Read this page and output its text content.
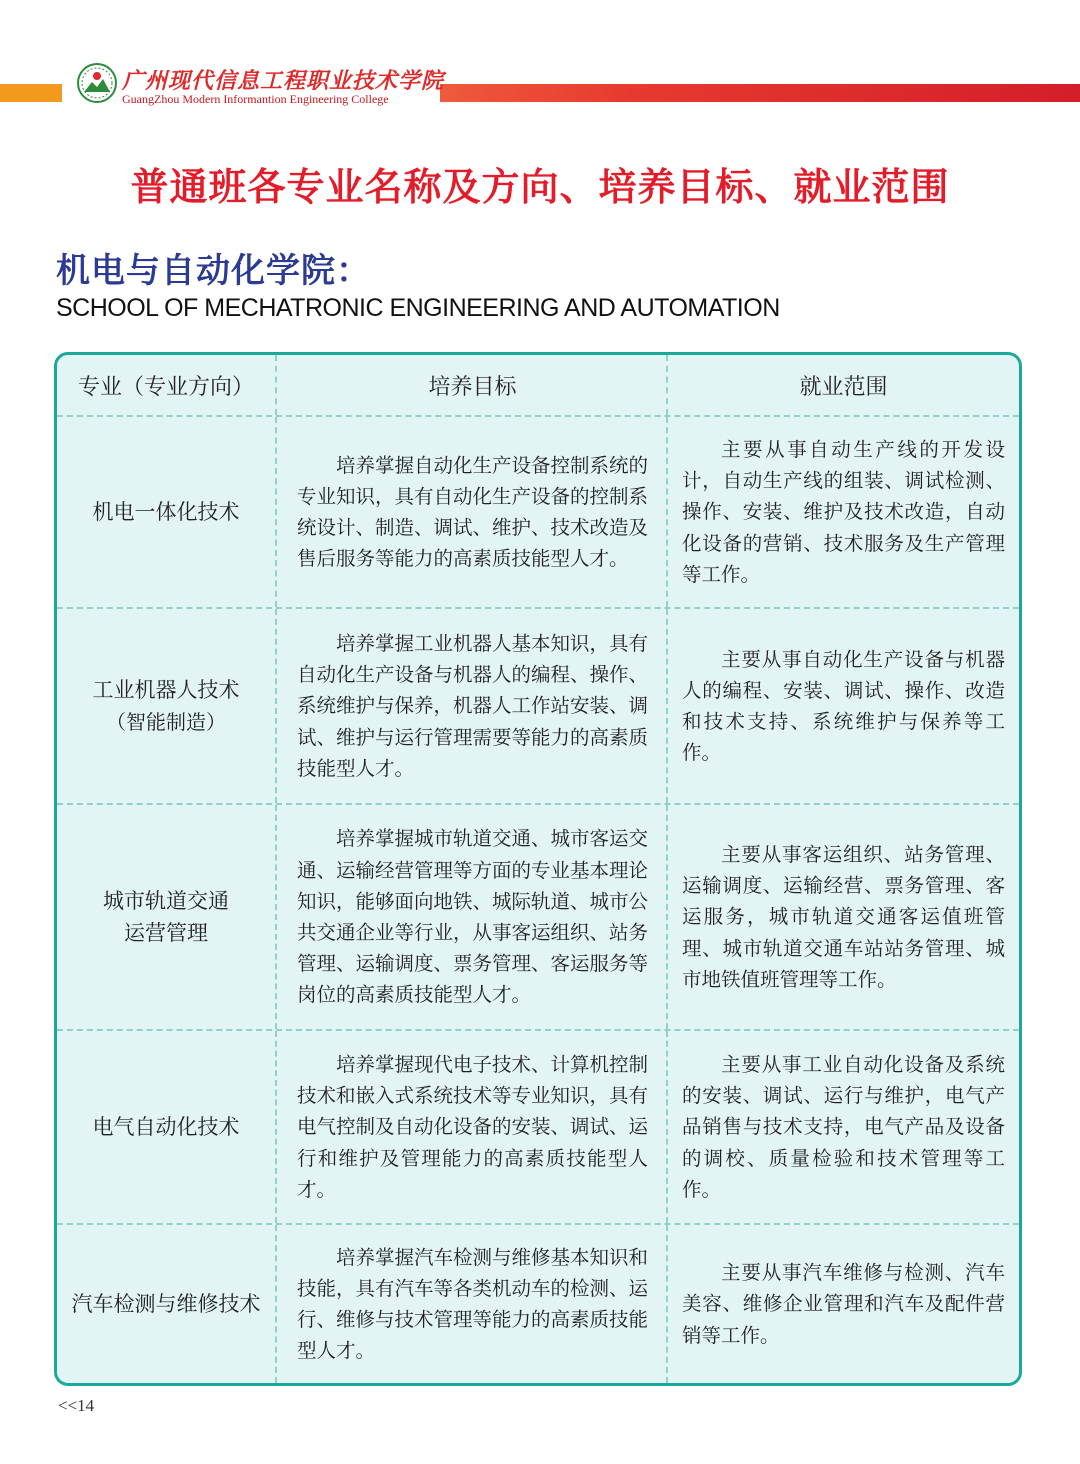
广州现代信息工程职业技术学院
GuangZhou Modern Informantion Engineering College
普通班各专业名称及方向、培养目标、就业范围
机电与自动化学院：
SCHOOL OF MECHATRONIC ENGINEERING AND AUTOMATION
专业（专业方向）	培养目标	就业范围
机电一体化技术

培养掌握自动化生产设备控制系统的专业知识，具有自动化生产设备的控制系统设计、制造、调试、维护、技术改造及售后服务等能力的高素质技能型人才。

主要从事自动生产线的开发设计，自动生产线的组装、调试检测、操作、安装、维护及技术改造，自动化设备的营销、技术服务及生产管理等工作。

工业机器人技术
（智能制造）

培养掌握工业机器人基本知识，具有自动化生产设备与机器人的编程、操作、系统维护与保养，机器人工作站安装、调试、维护与运行管理需要等能力的高素质技能型人才。

主要从事自动化生产设备与机器人的编程、安装、调试、操作、改造和技术支持、系统维护与保养等工作。

城市轨道交通
运营管理

培养掌握城市轨道交通、城市客运交通、运输经营管理等方面的专业基本理论知识，能够面向地铁、城际轨道、城市公共交通企业等行业，从事客运组织、站务管理、运输调度、票务管理、客运服务等岗位的高素质技能型人才。

主要从事客运组织、站务管理、运输调度、运输经营、票务管理、客运服务，城市轨道交通客运值班管理、城市轨道交通车站站务管理、城市地铁值班管理等工作。

电气自动化技术

培养掌握现代电子技术、计算机控制技术和嵌入式系统技术等专业知识，具有电气控制及自动化设备的安装、调试、运行和维护及管理能力的高素质技能型人才。

主要从事工业自动化设备及系统的安装、调试、运行与维护，电气产品销售与技术支持，电气产品及设备的调校、质量检验和技术管理等工作。

汽车检测与维修技术

培养掌握汽车检测与维修基本知识和技能，具有汽车等各类机动车的检测、运行、维修与技术管理等能力的高素质技能型人才。

主要从事汽车维修与检测、汽车美容、维修企业管理和汽车及配件营销等工作。

<<14
